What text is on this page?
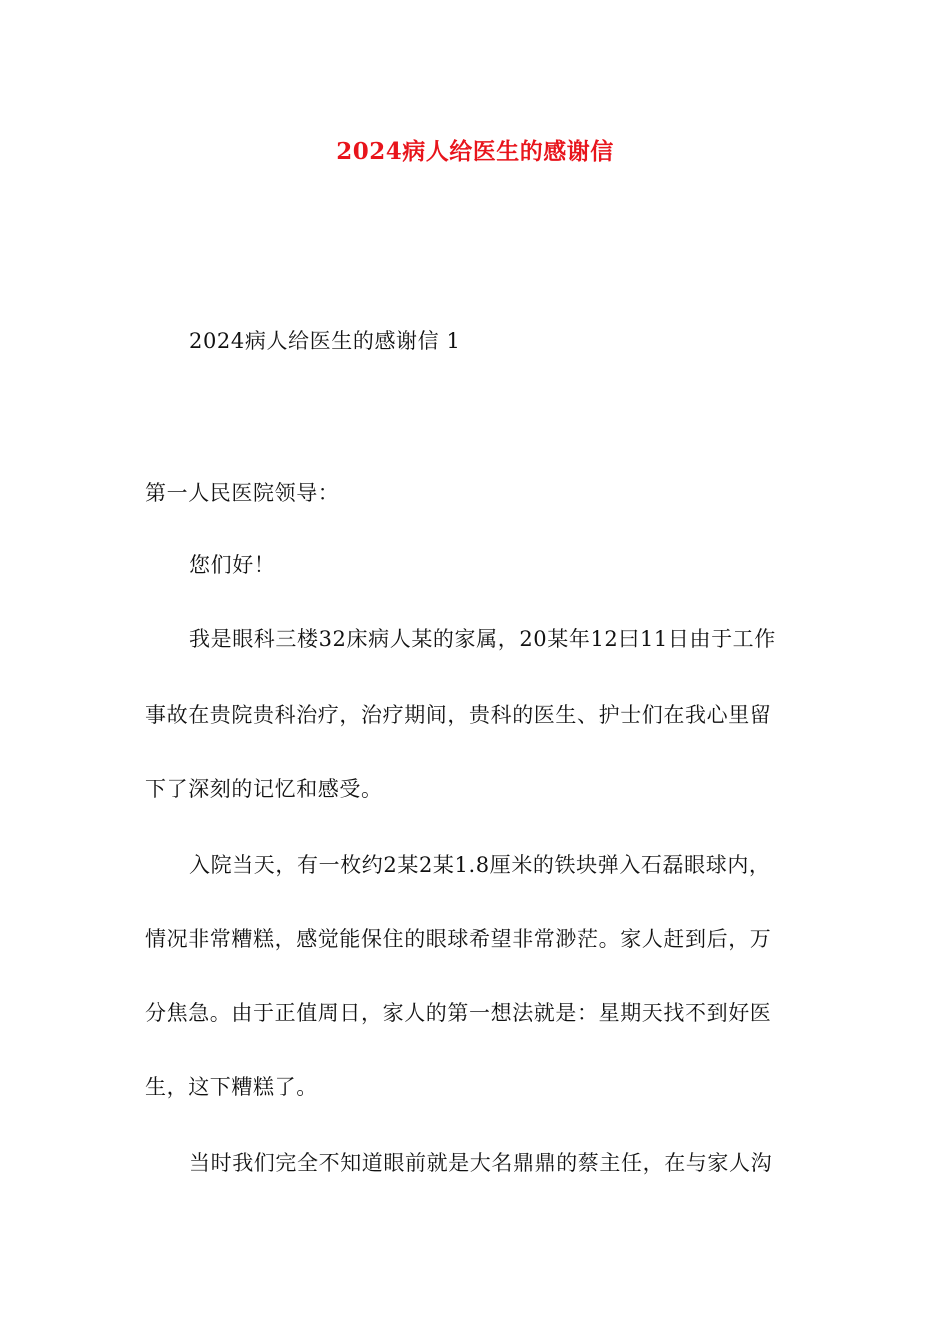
2024病人给医生的感谢信
2024病人给医生的感谢信 1
第一人民医院领导：
您们好！
我是眼科三楼32床病人某的家属，20某年12曰11日由于工作
事故在贵院贵科治疗，治疗期间，贵科的医生、护士们在我心里留
下了深刻的记忆和感受。
入院当天，有一枚约2某2某1.8厘米的铁块弹入石磊眼球内，
情况非常糟糕，感觉能保住的眼球希望非常渺茫。家人赶到后，万
分焦急。由于正值周日，家人的第一想法就是：星期天找不到好医
生，这下糟糕了。
当时我们完全不知道眼前就是大名鼎鼎的蔡主任，在与家人沟
